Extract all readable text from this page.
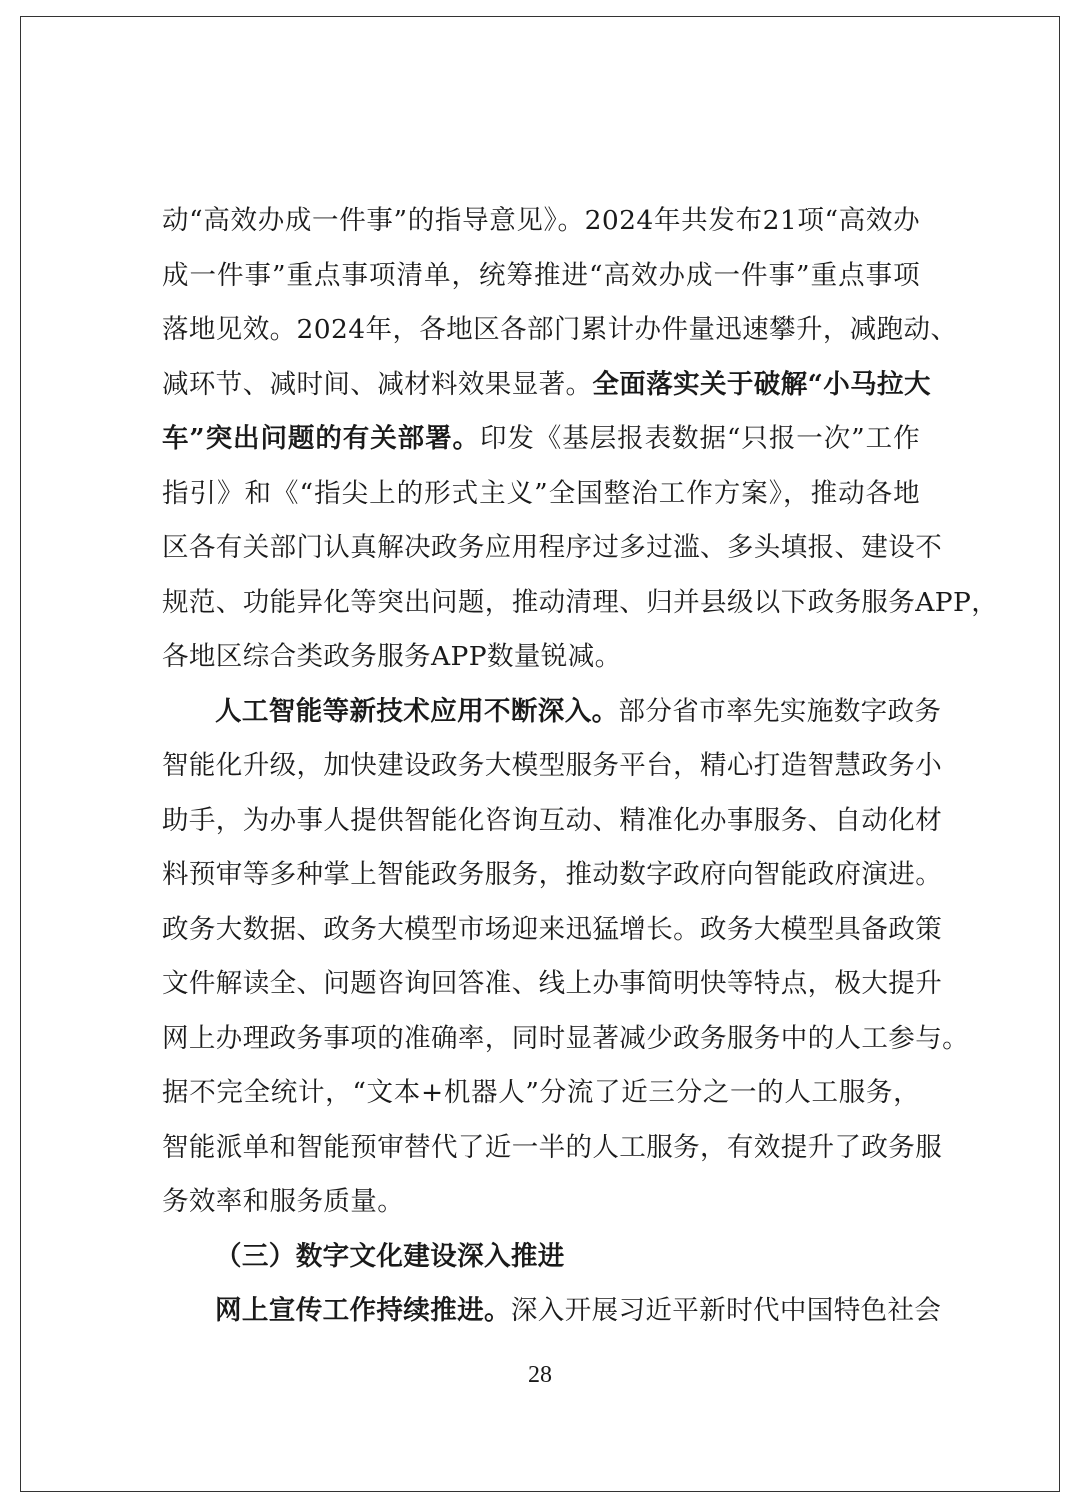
动“高效办成一件事”的指导意见》。2024年共发布21项“高效办
成一件事”重点事项清单，统筹推进“高效办成一件事”重点事项
落地见效。2024年，各地区各部门累计办件量迅速攀升，减跑动、
减环节、减时间、减材料效果显著。全面落实关于破解“小马拉大
车”突出问题的有关部署。印发《基层报表数据“只报一次”工作
指引》和《“指尖上的形式主义”全国整治工作方案》，推动各地
区各有关部门认真解决政务应用程序过多过滥、多头填报、建设不
规范、功能异化等突出问题，推动清理、归并县级以下政务服务APP，
各地区综合类政务服务APP数量锐减。
人工智能等新技术应用不断深入。部分省市率先实施数字政务
智能化升级，加快建设政务大模型服务平台，精心打造智慧政务小
助手，为办事人提供智能化咨询互动、精准化办事服务、自动化材
料预审等多种掌上智能政务服务，推动数字政府向智能政府演进。
政务大数据、政务大模型市场迎来迅猛增长。政务大模型具备政策
文件解读全、问题咨询回答准、线上办事简明快等特点，极大提升
网上办理政务事项的准确率，同时显著减少政务服务中的人工参与。
据不完全统计，“文本+机器人”分流了近三分之一的人工服务，
智能派单和智能预审替代了近一半的人工服务，有效提升了政务服
务效率和服务质量。
（三）数字文化建设深入推进
网上宣传工作持续推进。深入开展习近平新时代中国特色社会
28
